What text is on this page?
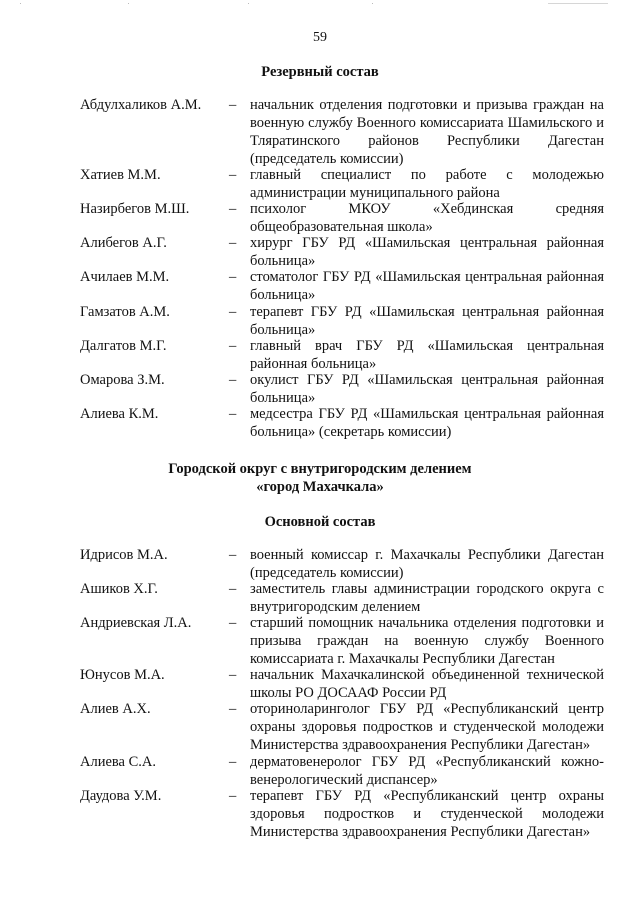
59
Резервный состав
Абдулхаликов А.М. – начальник отделения подготовки и призыва граждан на военную службу Военного комиссариата Шамильского и Тляратинского районов Республики Дагестан (председатель комиссии)
Хатиев М.М.	– главный специалист по работе с молодежью администрации муниципального района
Назирбегов М.Ш.	– психолог МКОУ «Хебдинская средняя общеобразовательная школа»
Алибегов А.Г.	– хирург ГБУ РД «Шамильская центральная районная больница»
Ачилаев М.М.	– стоматолог ГБУ РД «Шамильская центральная районная больница»
Гамзатов А.М.	– терапевт ГБУ РД «Шамильская центральная районная больница»
Далгатов М.Г.	– главный врач ГБУ РД «Шамильская центральная районная больница»
Омарова З.М.	– окулист ГБУ РД «Шамильская центральная районная больница»
Алиева К.М.	– медсестра ГБУ РД «Шамильская центральная районная больница» (секретарь комиссии)
Городской округ с внутригородским делением
«город Махачкала»
Основной состав
Идрисов М.А.	– военный комиссар г. Махачкалы Республики Дагестан (председатель комиссии)
Ашиков Х.Г.	– заместитель главы администрации городского округа с внутригородским делением
Андриевская Л.А.	– старший помощник начальника отделения подготовки и призыва граждан на военную службу Военного комиссариата г. Махачкалы Республики Дагестан
Юнусов М.А.	– начальник Махачкалинской объединенной технической школы РО ДОСААФ России РД
Алиев А.Х.	– оториноларинголог ГБУ РД «Республиканский центр охраны здоровья подростков и студенческой молодежи Министерства здравоохранения Республики Дагестан»
Алиева С.А.	– дерматовенеролог ГБУ РД «Республиканский кожно-венерологический диспансер»
Даудова У.М.	– терапевт ГБУ РД «Республиканский центр охраны здоровья подростков и студенческой молодежи Министерства здравоохранения Республики Дагестан»
